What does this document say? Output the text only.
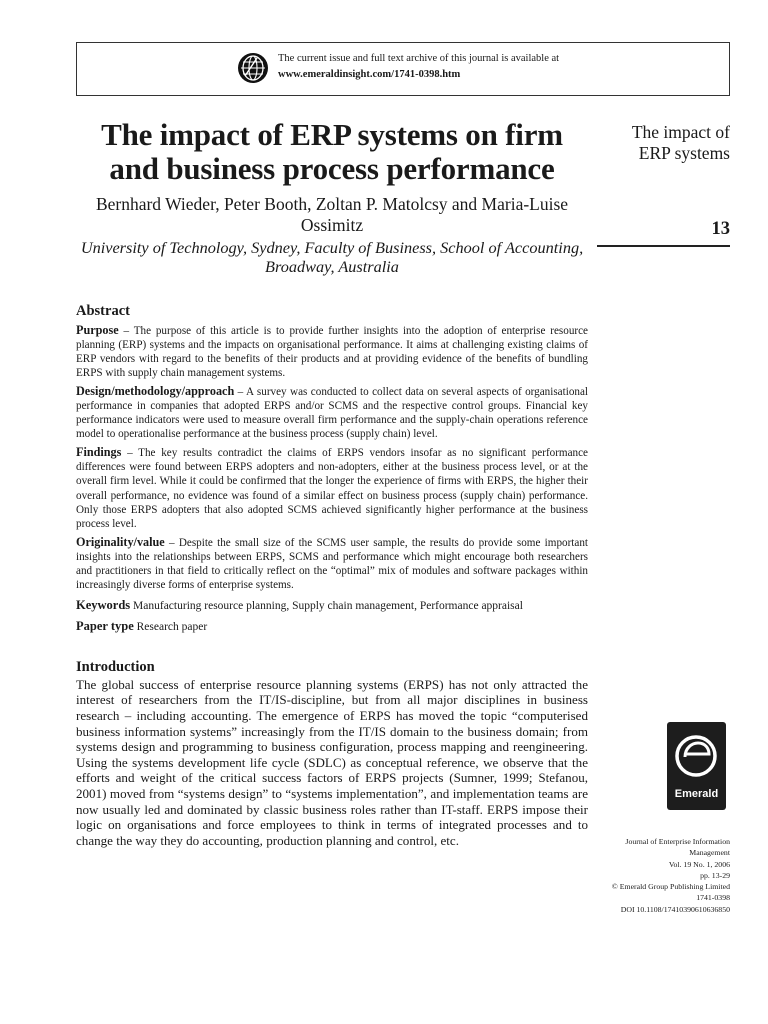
The current issue and full text archive of this journal is available at
www.emeraldinsight.com/1741-0398.htm
The impact of ERP systems on firm and business process performance
Bernhard Wieder, Peter Booth, Zoltan P. Matolcsy and Maria-Luise Ossimitz
University of Technology, Sydney, Faculty of Business, School of Accounting, Broadway, Australia
Abstract

Purpose – The purpose of this article is to provide further insights into the adoption of enterprise resource planning (ERP) systems and the impacts on organisational performance. It aims at challenging existing claims of ERP vendors with regard to the benefits of their products and at providing evidence of the benefits of bundling ERPS with supply chain management systems.

Design/methodology/approach – A survey was conducted to collect data on several aspects of organisational performance in companies that adopted ERPS and/or SCMS and the respective control groups. Financial key performance indicators were used to measure overall firm performance and the supply-chain operations reference model to operationalise performance at the business process (supply chain) level.

Findings – The key results contradict the claims of ERPS vendors insofar as no significant performance differences were found between ERPS adopters and non-adopters, either at the business process level, or at the overall firm level. While it could be confirmed that the longer the experience of firms with ERPS, the higher their overall performance, no evidence was found of a similar effect on business process (supply chain) performance. Only those ERPS adopters that also adopted SCMS achieved significantly higher performance at the business process level.

Originality/value – Despite the small size of the SCMS user sample, the results do provide some important insights into the relationships between ERPS, SCMS and performance which might encourage both researchers and practitioners in that field to critically reflect on the “optimal” mix of modules and software packages within increasingly diverse forms of enterprise systems.

Keywords Manufacturing resource planning, Supply chain management, Performance appraisal
Paper type Research paper
Introduction

The global success of enterprise resource planning systems (ERPS) has not only attracted the interest of researchers from the IT/IS-discipline, but from all major disciplines in business research – including accounting. The emergence of ERPS has moved the topic “computerised business information systems” increasingly from the IT/IS domain to the business domain; from systems design and programming to business configuration, process mapping and reengineering. Using the systems development life cycle (SDLC) as conceptual reference, we observe that the efforts and weight of the critical success factors of ERPS projects (Sumner, 1999; Stefanou, 2001) moved from “systems design” to “systems implementation”, and implementation teams are now usually led and dominated by classic business roles rather than IT-staff. ERPS impose their logic on organisations and force employees to think in terms of integrated processes and to change the way they do accounting, production planning and control, etc.

The impact of ERP systems
13
Emerald
Journal of Enterprise Information
Management
Vol. 19 No. 1, 2006
pp. 13-29
© Emerald Group Publishing Limited
1741-0398
DOI 10.1108/17410390610636850
